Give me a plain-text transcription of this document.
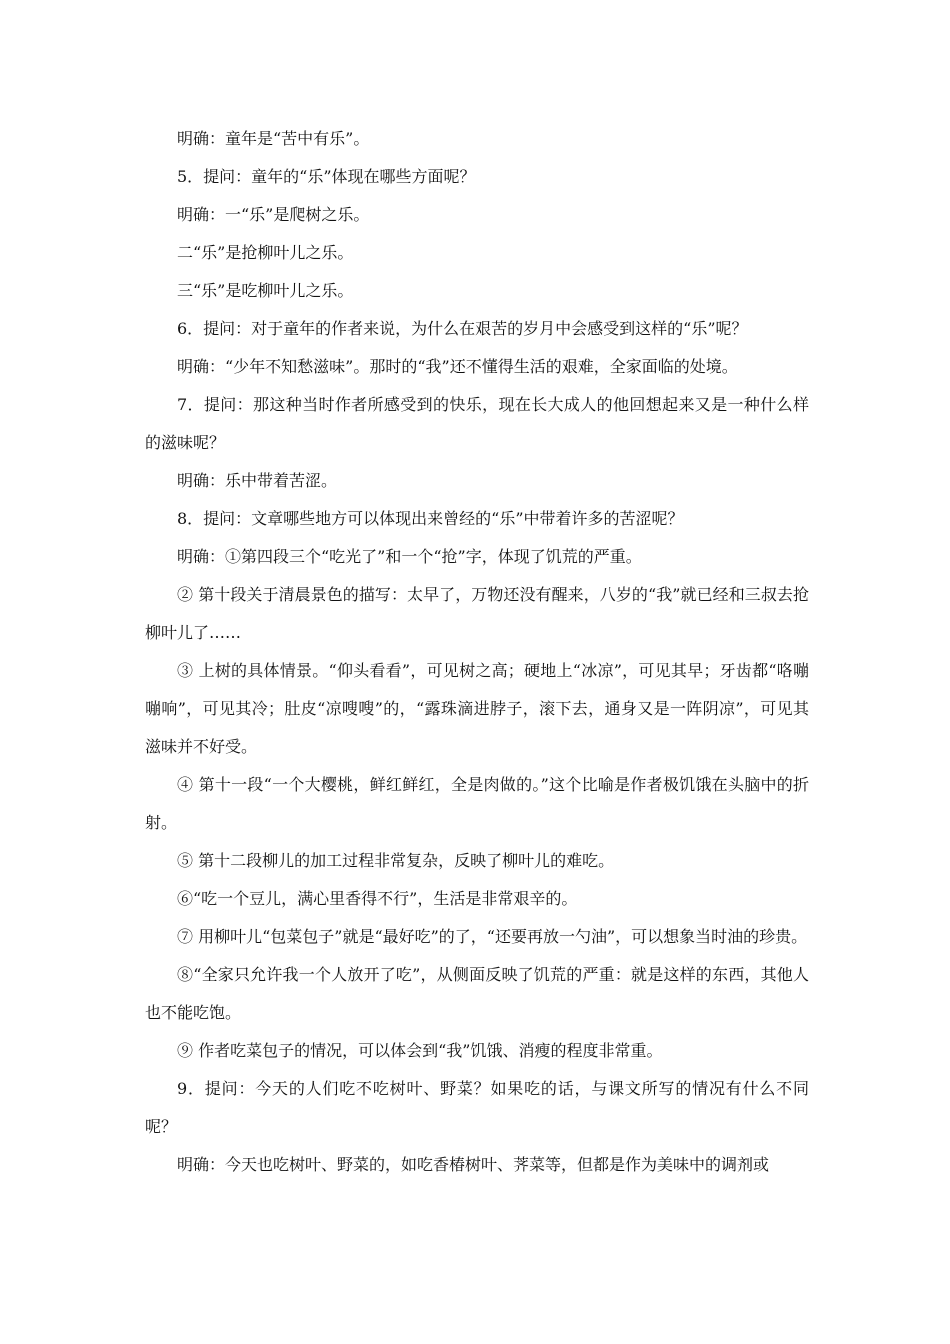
明确：童年是“苦中有乐”。

5．提问：童年的“乐”体现在哪些方面呢？

明确：一“乐”是爬树之乐。

二“乐”是抢柳叶儿之乐。

三“乐”是吃柳叶儿之乐。

6．提问：对于童年的作者来说，为什么在艰苦的岁月中会感受到这样的“乐”呢？

明确：“少年不知愁滋味”。那时的“我”还不懂得生活的艰难，全家面临的处境。

7．提问：那这种当时作者所感受到的快乐，现在长大成人的他回想起来又是一种什么样的滋味呢？

明确：乐中带着苦涩。

8．提问：文章哪些地方可以体现出来曾经的“乐”中带着许多的苦涩呢？

明确：①第四段三个“吃光了”和一个“抢”字，体现了饥荒的严重。

② 第十段关于清晨景色的描写：太早了，万物还没有醒来，八岁的“我”就已经和三叔去抢柳叶儿了……

③ 上树的具体情景。“仰头看看”，可见树之高；硬地上“冰凉”，可见其早；牙齿都“咯嘣嘣响”，可见其冷；肚皮“凉嗖嗖”的，“露珠滴进脖子，滚下去，通身又是一阵阴凉”，可见其滋味并不好受。

④ 第十一段“一个大樱桃，鲜红鲜红，全是肉做的。”这个比喻是作者极饥饿在头脑中的折射。

⑤ 第十二段柳儿的加工过程非常复杂，反映了柳叶儿的难吃。

⑥“吃一个豆儿，满心里香得不行”，生活是非常艰辛的。

⑦ 用柳叶儿“包菜包子”就是“最好吃”的了，“还要再放一勺油”，可以想象当时油的珍贵。

⑧“全家只允许我一个人放开了吃”，从侧面反映了饥荒的严重：就是这样的东西，其他人也不能吃饱。

⑨ 作者吃菜包子的情况，可以体会到“我”饥饿、消瘦的程度非常重。

9．提问：今天的人们吃不吃树叶、野菜？如果吃的话，与课文所写的情况有什么不同呢？

明确：今天也吃树叶、野菜的，如吃香椿树叶、荠菜等，但都是作为美味中的调剂或
